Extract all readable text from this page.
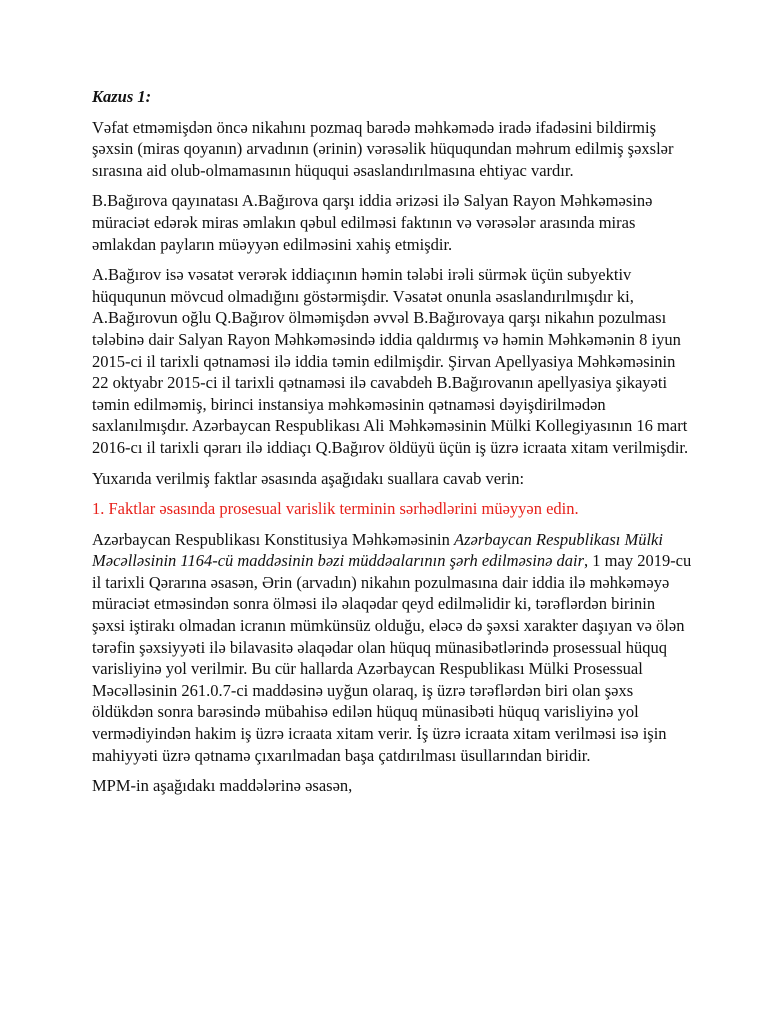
Kazus 1:

Vəfat etməmişdən öncə nikahını pozmaq barədə məhkəmədə iradə ifadəsini bildirmiş şəxsin (miras qoyanın) arvadının (ərinin) vərəsəlik hüququndan məhrum edilmiş şəxslər sırasına aid olub-olmamasının hüququi əsaslandırılmasına ehtiyac vardır.

B.Bağırova qayınatası A.Bağırova qarşı iddia ərizəsi ilə Salyan Rayon Məhkəməsinə müraciət edərək miras əmlakın qəbul edilməsi faktının və vərəsələr arasında miras əmlakdan payların müəyyən edilməsini xahiş etmişdir.

A.Bağırov isə vəsatət verərək iddiaçının həmin tələbi irəli sürmək üçün subyektiv hüququnun mövcud olmadığını göstərmişdir. Vəsatət onunla əsaslandırılmışdır ki, A.Bağırovun oğlu Q.Bağırov ölməmişdən əvvəl B.Bağırovaya qarşı nikahın pozulması tələbinə dair Salyan Rayon Məhkəməsində iddia qaldırmış və həmin Məhkəmənin 8 iyun 2015-ci il tarixli qətnaməsi ilə iddia təmin edilmişdir. Şirvan Apellyasiya Məhkəməsinin 22 oktyabr 2015-ci il tarixli qətnaməsi ilə cavabdeh B.Bağırovanın apellyasiya şikayəti təmin edilməmiş, birinci instansiya məhkəməsinin qətnaməsi dəyişdirilmədən saxlanılmışdır. Azərbaycan Respublikası Ali Məhkəməsinin Mülki Kollegiyasının 16 mart 2016-cı il tarixli qərarı ilə iddiaçı Q.Bağırov öldüyü üçün iş üzrə icraata xitam verilmişdir.

Yuxarıda verilmiş faktlar əsasında aşağıdakı suallara cavab verin:

1. Faktlar əsasında prosesual varislik terminin sərhədlərini müəyyən edin.

Azərbaycan Respublikası Konstitusiya Məhkəməsinin Azərbaycan Respublikası Mülki Məcəlləsinin 1164-cü maddəsinin bəzi müddəalarının şərh edilməsinə dair, 1 may 2019-cu il tarixli Qərarına əsasən, Ərin (arvadın) nikahın pozulmasına dair iddia ilə məhkəməyə müraciət etməsindən sonra ölməsi ilə əlaqədar qeyd edilməlidir ki, tərəflərdən birinin şəxsi iştirakı olmadan icranın mümkünsüz olduğu, eləcə də şəxsi xarakter daşıyan və ölən tərəfin şəxsiyyəti ilə bilavasitə əlaqədar olan hüquq münasibətlərində prosessual hüquq varisliyinə yol verilmir. Bu cür hallarda Azərbaycan Respublikası Mülki Prosessual Məcəlləsinin 261.0.7-ci maddəsinə uyğun olaraq, iş üzrə tərəflərdən biri olan şəxs öldükdən sonra barəsində mübahisə edilən hüquq münasibəti hüquq varisliyinə yol vermədiyindən hakim iş üzrə icraata xitam verir. İş üzrə icraata xitam verilməsi isə işin mahiyyəti üzrə qətnamə çıxarılmadan başa çatdırılması üsullarından biridir.

MPM-in aşağıdakı maddələrinə əsasən,
